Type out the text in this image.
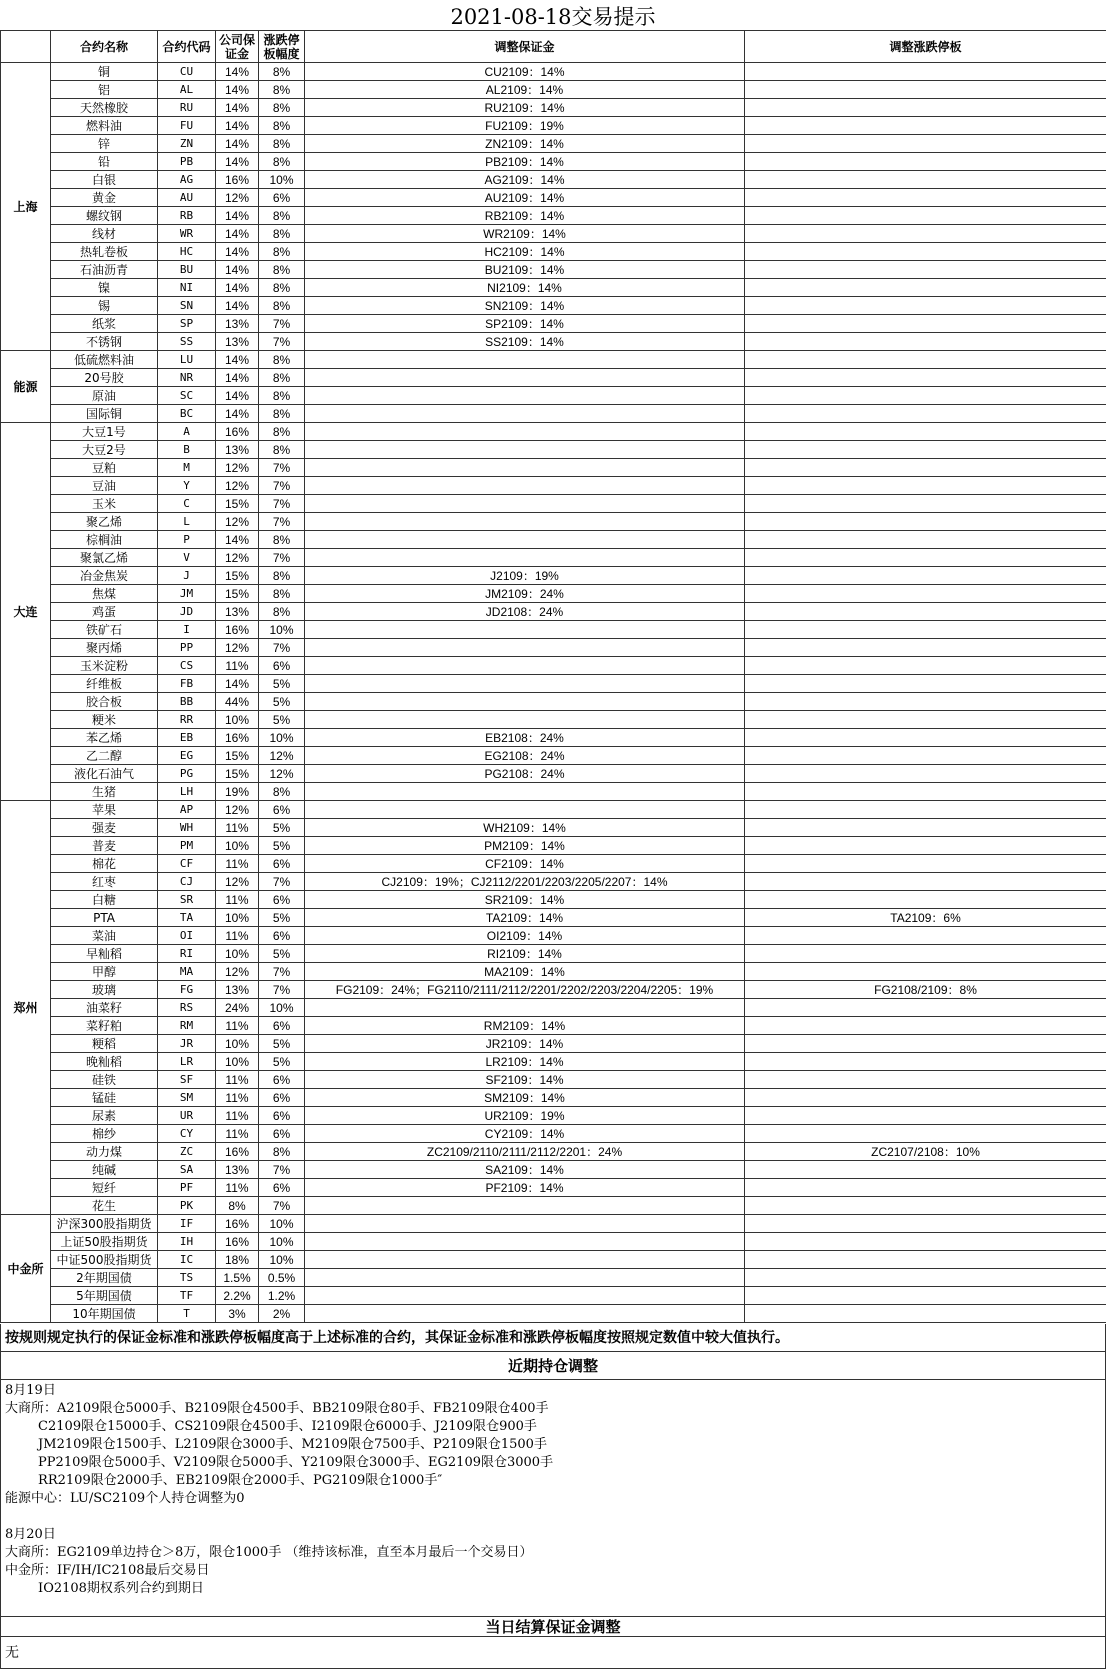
2021-08-18交易提示
	合约名称	合约代码	公司保证金	涨跌停板幅度	调整保证金	调整涨跌停板
上海	铜	CU	14%	8%	CU2109：14%	
	铝	AL	14%	8%	AL2109：14%	
	天然橡胶	RU	14%	8%	RU2109：14%	
	燃料油	FU	14%	8%	FU2109：19%	
	锌	ZN	14%	8%	ZN2109：14%	
	铅	PB	14%	8%	PB2109：14%	
	白银	AG	16%	10%	AG2109：14%	
	黄金	AU	12%	6%	AU2109：14%	
	螺纹钢	RB	14%	8%	RB2109：14%	
	线材	WR	14%	8%	WR2109：14%	
	热轧卷板	HC	14%	8%	HC2109：14%	
	石油沥青	BU	14%	8%	BU2109：14%	
	镍	NI	14%	8%	NI2109：14%	
	锡	SN	14%	8%	SN2109：14%	
	纸浆	SP	13%	7%	SP2109：14%	
	不锈钢	SS	13%	7%	SS2109：14%	
能源	低硫燃料油	LU	14%	8%		
	20号胶	NR	14%	8%		
	原油	SC	14%	8%		
	国际铜	BC	14%	8%		
大连	大豆1号	A	16%	8%		
	大豆2号	B	13%	8%		
	豆粕	M	12%	7%		
	豆油	Y	12%	7%		
	玉米	C	15%	7%		
	聚乙烯	L	12%	7%		
	棕榈油	P	14%	8%		
	聚氯乙烯	V	12%	7%		
	冶金焦炭	J	15%	8%	J2109：19%	
	焦煤	JM	15%	8%	JM2109：24%	
	鸡蛋	JD	13%	8%	JD2108：24%	
	铁矿石	I	16%	10%		
	聚丙烯	PP	12%	7%		
	玉米淀粉	CS	11%	6%		
	纤维板	FB	14%	5%		
	胶合板	BB	44%	5%		
	粳米	RR	10%	5%		
	苯乙烯	EB	16%	10%	EB2108：24%	
	乙二醇	EG	15%	12%	EG2108：24%	
	液化石油气	PG	15%	12%	PG2108：24%	
	生猪	LH	19%	8%		
郑州	苹果	AP	12%	6%		
	强麦	WH	11%	5%	WH2109：14%	
	普麦	PM	10%	5%	PM2109：14%	
	棉花	CF	11%	6%	CF2109：14%	
	红枣	CJ	12%	7%	CJ2109：19%；CJ2112/2201/2203/2205/2207：14%	
	白糖	SR	11%	6%	SR2109：14%	
	PTA	TA	10%	5%	TA2109：14%	TA2109：6%
	菜油	OI	11%	6%	OI2109：14%	
	早籼稻	RI	10%	5%	RI2109：14%	
	甲醇	MA	12%	7%	MA2109：14%	
	玻璃	FG	13%	7%	FG2109：24%；FG2110/2111/2112/2201/2202/2203/2204/2205：19%	FG2108/2109：8%
	油菜籽	RS	24%	10%		
	菜籽粕	RM	11%	6%	RM2109：14%	
	粳稻	JR	10%	5%	JR2109：14%	
	晚籼稻	LR	10%	5%	LR2109：14%	
	硅铁	SF	11%	6%	SF2109：14%	
	锰硅	SM	11%	6%	SM2109：14%	
	尿素	UR	11%	6%	UR2109：19%	
	棉纱	CY	11%	6%	CY2109：14%	
	动力煤	ZC	16%	8%	ZC2109/2110/2111/2112/2201：24%	ZC2107/2108：10%
	纯碱	SA	13%	7%	SA2109：14%	
	短纤	PF	11%	6%	PF2109：14%	
	花生	PK	8%	7%		
中金所	沪深300股指期货	IF	16%	10%		
	上证50股指期货	IH	16%	10%		
	中证500股指期货	IC	18%	10%		
	2年期国债	TS	1.5%	0.5%		
	5年期国债	TF	2.2%	1.2%		
	10年期国债	T	3%	2%		
按规则规定执行的保证金标准和涨跌停板幅度高于上述标准的合约，其保证金标准和涨跌停板幅度按照规定数值中较大值执行。
近期持仓调整
8月19日
大商所：A2109限仓5000手、B2109限仓4500手、BB2109限仓80手、FB2109限仓400手
C2109限仓15000手、CS2109限仓4500手、I2109限仓6000手、J2109限仓900手
JM2109限仓1500手、L2109限仓3000手、M2109限仓7500手、P2109限仓1500手
PP2109限仓5000手、V2109限仓5000手、Y2109限仓3000手、EG2109限仓3000手
RR2109限仓2000手、EB2109限仓2000手、PG2109限仓1000手″
能源中心：LU/SC2109个人持仓调整为0
8月20日
大商所：EG2109单边持仓＞8万，限仓1000手 （维持该标准，直至本月最后一个交易日）
中金所：IF/IH/IC2108最后交易日
IO2108期权系列合约到期日
当日结算保证金调整
无
